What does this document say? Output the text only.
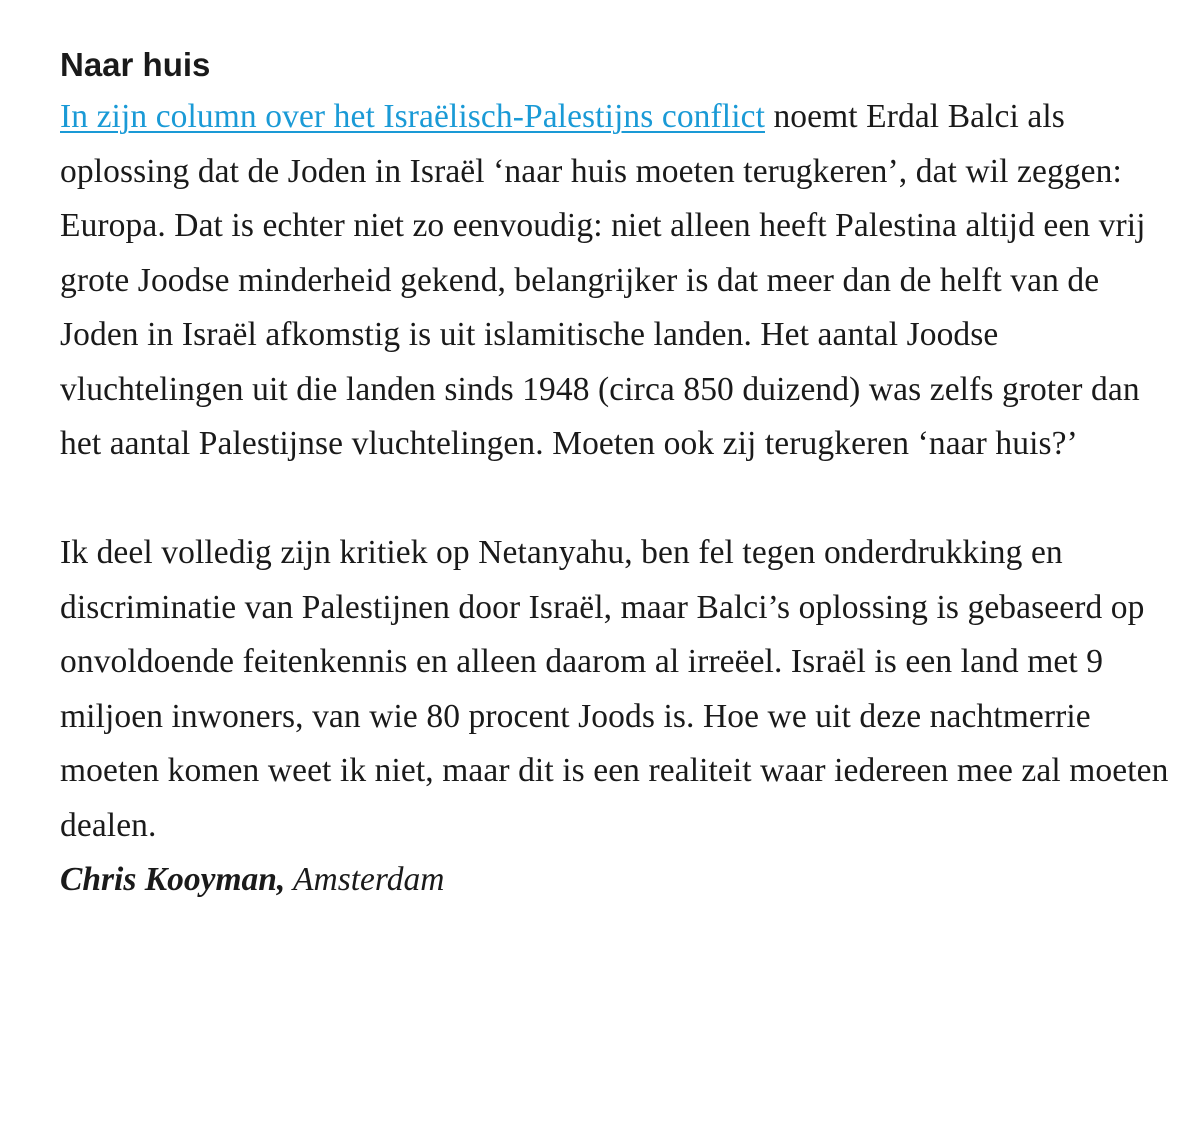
Naar huis

In zijn column over het Israëlisch-Palestijns conflict noemt Erdal Balci als oplossing dat de Joden in Israël ‘naar huis moeten terugkeren’, dat wil zeggen: Europa. Dat is echter niet zo eenvoudig: niet alleen heeft Palestina altijd een vrij grote Joodse minderheid gekend, belangrijker is dat meer dan de helft van de Joden in Israël afkomstig is uit islamitische landen. Het aantal Joodse vluchtelingen uit die landen sinds 1948 (circa 850 duizend) was zelfs groter dan het aantal Palestijnse vluchtelingen. Moeten ook zij terugkeren ‘naar huis?’

Ik deel volledig zijn kritiek op Netanyahu, ben fel tegen onderdrukking en discriminatie van Palestijnen door Israël, maar Balci’s oplossing is gebaseerd op onvoldoende feitenkennis en alleen daarom al irreëel. Israël is een land met 9 miljoen inwoners, van wie 80 procent Joods is. Hoe we uit deze nachtmerrie moeten komen weet ik niet, maar dit is een realiteit waar iedereen mee zal moeten dealen.

Chris Kooyman, Amsterdam
